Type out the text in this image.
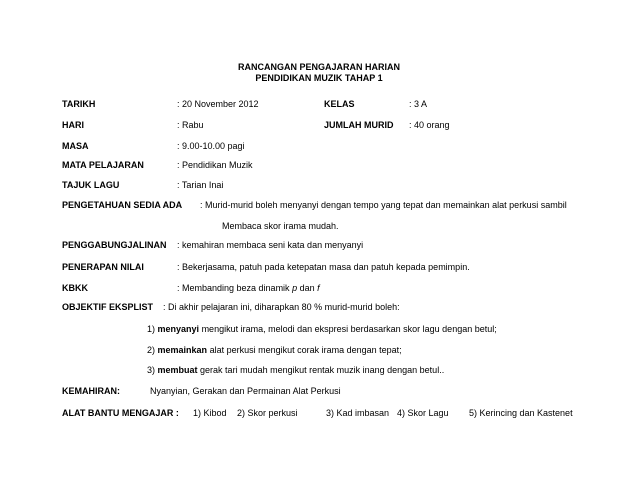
RANCANGAN PENGAJARAN HARIAN
PENDIDIKAN MUZIK TAHAP 1
TARIKH	: 20 November 2012	KELAS	: 3 A
HARI	: Rabu	JUMLAH MURID : 40 orang
MASA	: 9.00-10.00 pagi
MATA PELAJARAN	: Pendidikan Muzik
TAJUK LAGU	: Tarian Inai
PENGETAHUAN SEDIA ADA : Murid-murid boleh menyanyi dengan tempo yang tepat dan memainkan alat perkusi sambil
Membaca skor irama mudah.
PENGGABUNGJALINAN : kemahiran membaca seni kata dan menyanyi
PENERAPAN NILAI	: Bekerjasama, patuh pada ketepatan masa dan patuh kepada pemimpin.
KBKK	: Membanding beza dinamik p dan f
OBJEKTIF EKSPLIST : Di akhir pelajaran ini, diharapkan 80 % murid-murid boleh:
1) menyanyi mengikut irama, melodi dan ekspresi berdasarkan skor lagu dengan betul;
2) memainkan alat perkusi mengikut corak irama dengan tepat;
3) membuat gerak tari mudah mengikut rentak muzik inang dengan betul..
KEMAHIRAN:	Nyanyian, Gerakan dan Permainan Alat Perkusi
ALAT BANTU MENGAJAR : 1) Kibod 2) Skor perkusi	3) Kad imbasan 4) Skor Lagu 5) Kerincing dan Kastenet
